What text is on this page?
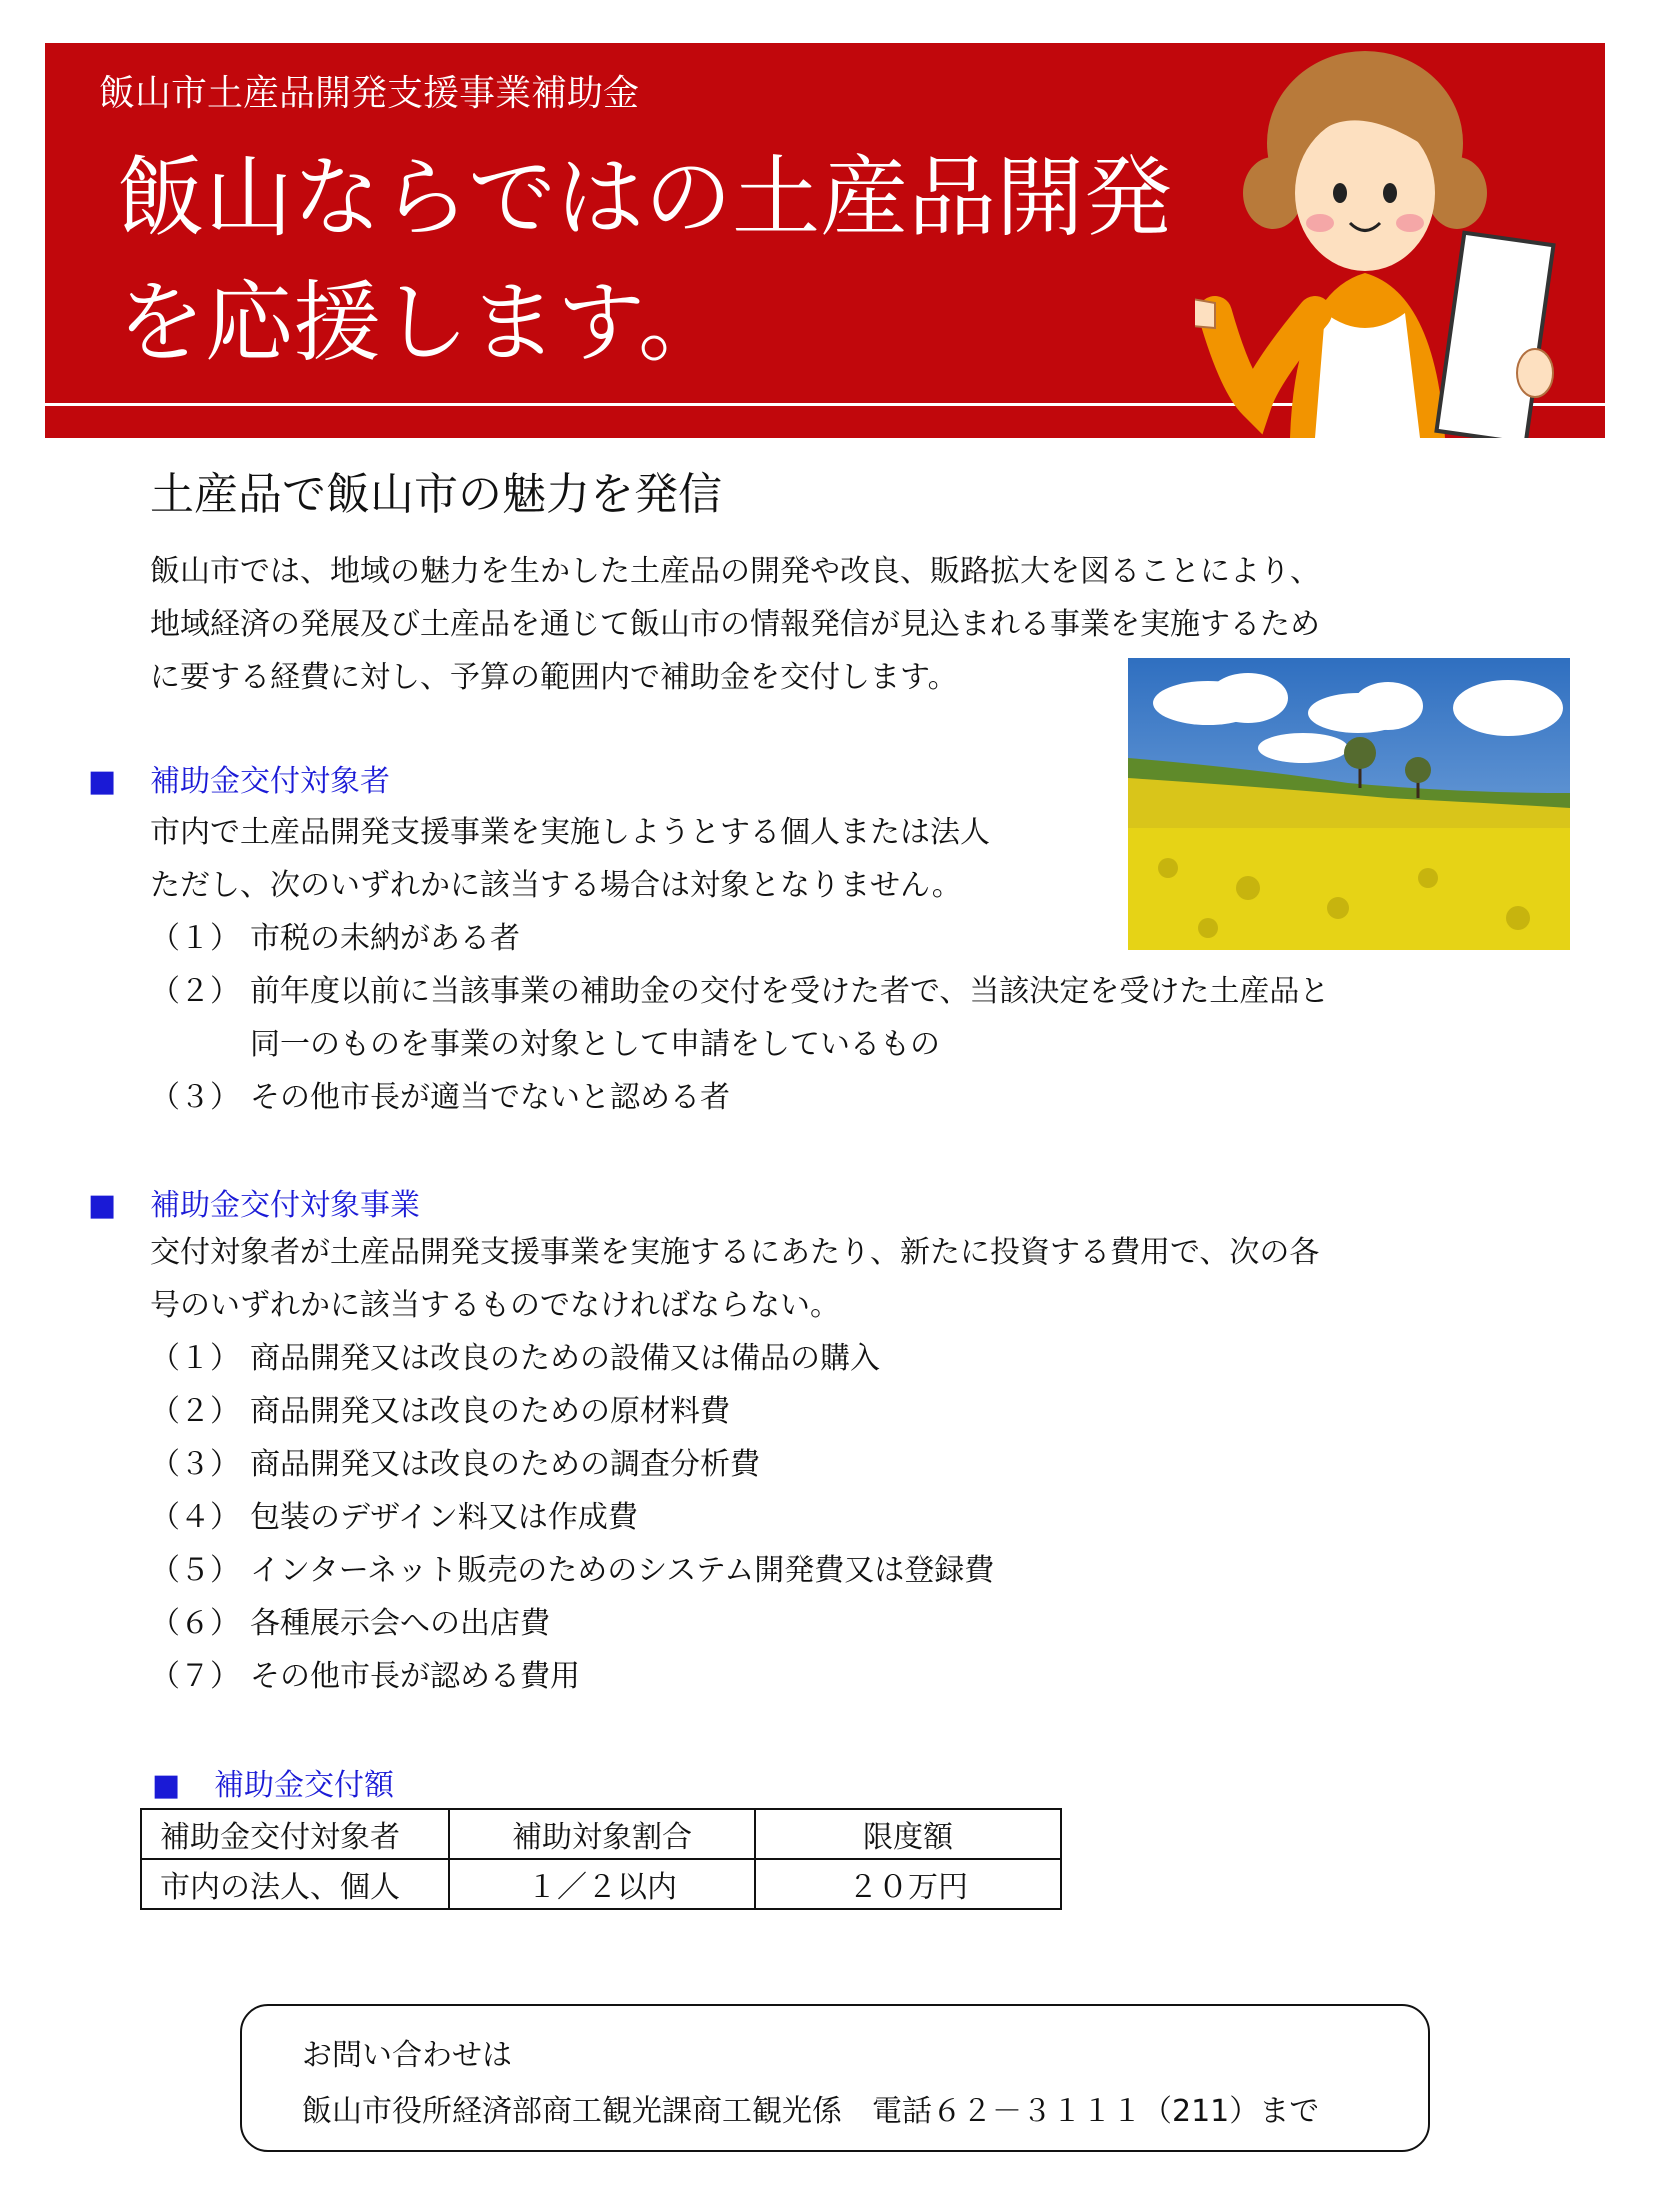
飯山市土産品開発支援事業補助金
飯山ならではの土産品開発
を応援します。
土産品で飯山市の魅力を発信
飯山市では、地域の魅力を生かした土産品の開発や改良、販路拡大を図ることにより、
地域経済の発展及び土産品を通じて飯山市の情報発信が見込まれる事業を実施するため
に要する経費に対し、予算の範囲内で補助金を交付します。
■ 補助金交付対象者
市内で土産品開発支援事業を実施しようとする個人または法人
ただし、次のいずれかに該当する場合は対象となりません。
（１） 市税の未納がある者
（２） 前年度以前に当該事業の補助金の交付を受けた者で、当該決定を受けた土産品と
同一のものを事業の対象として申請をしているもの
（３） その他市長が適当でないと認める者
■ 補助金交付対象事業
交付対象者が土産品開発支援事業を実施するにあたり、新たに投資する費用で、次の各
号のいずれかに該当するものでなければならない。
（１） 商品開発又は改良のための設備又は備品の購入
（２） 商品開発又は改良のための原材料費
（３） 商品開発又は改良のための調査分析費
（４） 包装のデザイン料又は作成費
（５） インターネット販売のためのシステム開発費又は登録費
（６） 各種展示会への出店費
（７） その他市長が認める費用
■ 補助金交付額
補助金交付対象者	補助対象割合	限度額
市内の法人、個人	１／２以内	２０万円
お問い合わせは
飯山市役所経済部商工観光課商工観光係　電話６２－３１１１（211）まで
